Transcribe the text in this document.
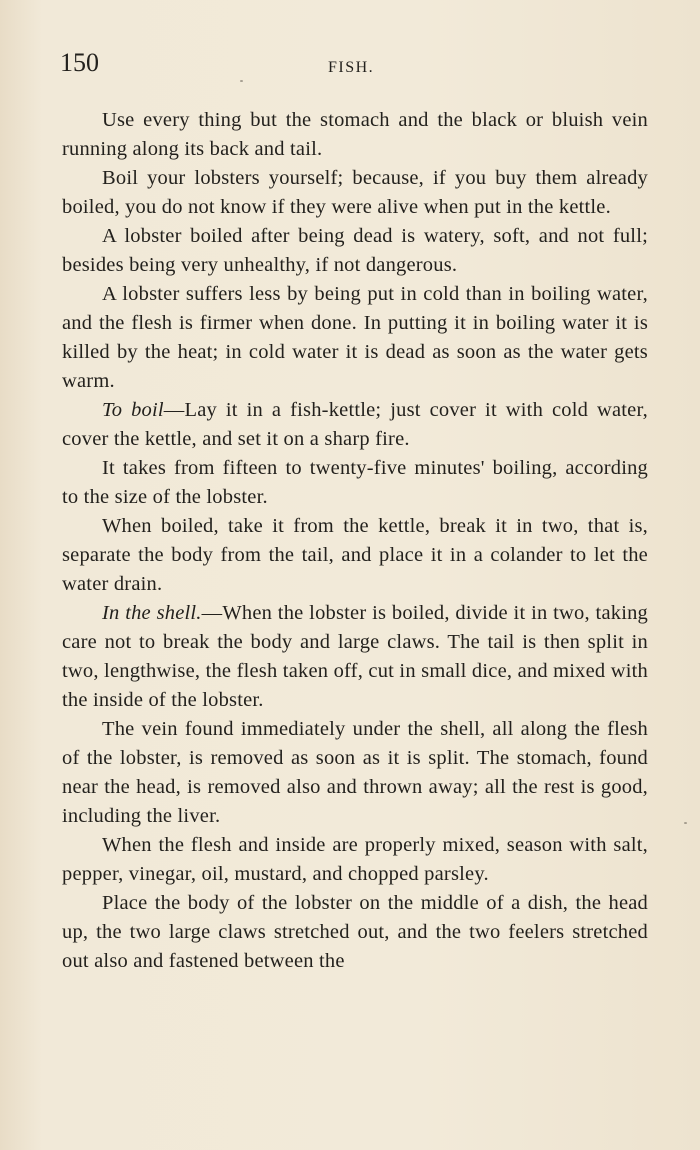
150	FISH.

Use every thing but the stomach and the black or bluish vein running along its back and tail.

Boil your lobsters yourself; because, if you buy them already boiled, you do not know if they were alive when put in the kettle.

A lobster boiled after being dead is watery, soft, and not full; besides being very unhealthy, if not dangerous.

A lobster suffers less by being put in cold than in boiling water, and the flesh is firmer when done. In putting it in boiling water it is killed by the heat; in cold water it is dead as soon as the water gets warm.

To boil—Lay it in a fish-kettle; just cover it with cold water, cover the kettle, and set it on a sharp fire.

It takes from fifteen to twenty-five minutes' boiling, according to the size of the lobster.

When boiled, take it from the kettle, break it in two, that is, separate the body from the tail, and place it in a colander to let the water drain.

In the shell.—When the lobster is boiled, divide it in two, taking care not to break the body and large claws. The tail is then split in two, lengthwise, the flesh taken off, cut in small dice, and mixed with the inside of the lobster.

The vein found immediately under the shell, all along the flesh of the lobster, is removed as soon as it is split. The stomach, found near the head, is removed also and thrown away; all the rest is good, including the liver.

When the flesh and inside are properly mixed, season with salt, pepper, vinegar, oil, mustard, and chopped parsley.

Place the body of the lobster on the middle of a dish, the head up, the two large claws stretched out, and the two feelers stretched out also and fastened between the
